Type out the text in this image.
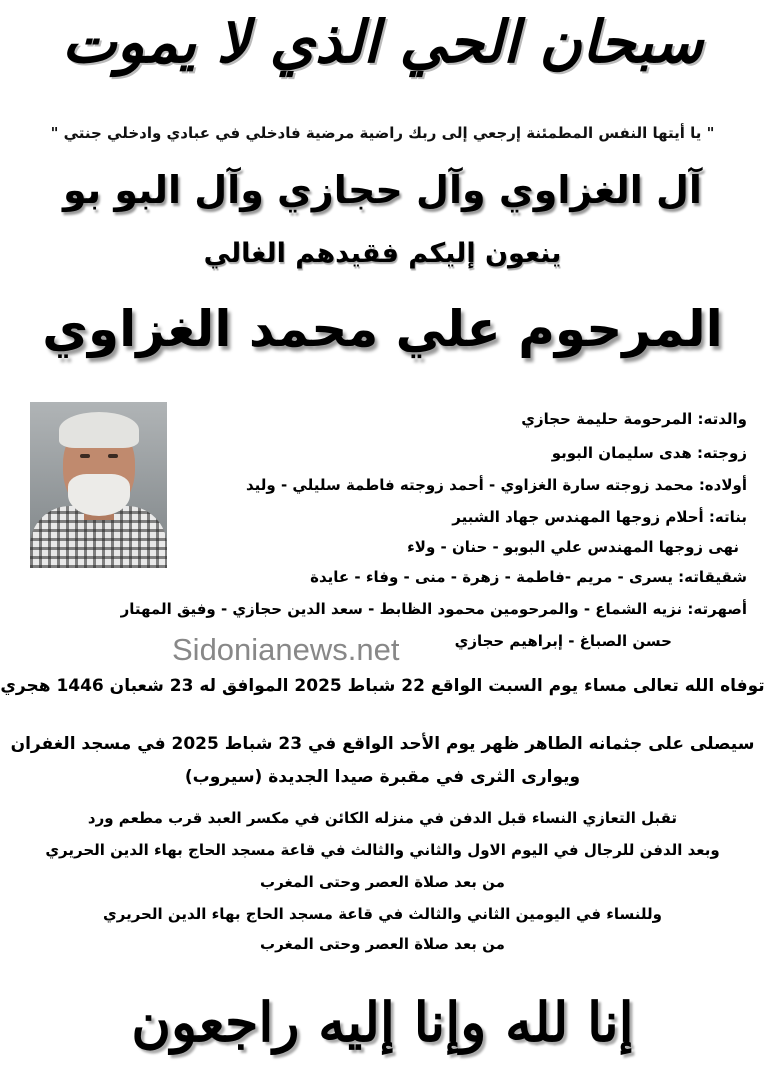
سبحان الحي الذي لا يموت
" يا أيتها النفس المطمئنة إرجعي إلى ربك راضية مرضية فادخلي في عبادي وادخلي جنتي "
آل الغزاوي وآل حجازي وآل البو بو
ينعون إليكم فقيدهم الغالي
المرحوم علي محمد الغزاوي
والدته: المرحومة حليمة حجازي
زوجته: هدى سليمان البوبو
أولاده: محمد زوجته سارة الغزاوي - أحمد زوجته فاطمة سليلي - وليد
بناته: أحلام زوجها المهندس جهاد الشبير
نهى زوجها المهندس علي البوبو - حنان - ولاء
شقيقاته: يسرى - مريم -فاطمة - زهرة - منى - وفاء - عايدة
أصهرته: نزيه الشماع - والمرحومين محمود الظابط - سعد الدين حجازي - وفيق المهتار
حسن الصباغ - إبراهيم حجازي
Sidonianews.net
توفاه الله تعالى مساء يوم السبت الواقع 22 شباط 2025 الموافق له 23 شعبان 1446 هجري
سيصلى على جثمانه الطاهر ظهر يوم الأحد الواقع في 23 شباط 2025 في مسجد الغفران
ويوارى الثرى في مقبرة صيدا الجديدة (سيروب)
تقبل التعازي النساء قبل الدفن في منزله الكائن في مكسر العبد قرب مطعم ورد
وبعد الدفن للرجال في اليوم الاول والثاني والثالث في قاعة مسجد الحاج بهاء الدين الحريري
من بعد صلاة العصر وحتى المغرب
وللنساء في اليومين الثاني والثالث في قاعة مسجد الحاج بهاء الدين الحريري
من بعد صلاة العصر وحتى المغرب
إنا لله وإنا إليه راجعون
